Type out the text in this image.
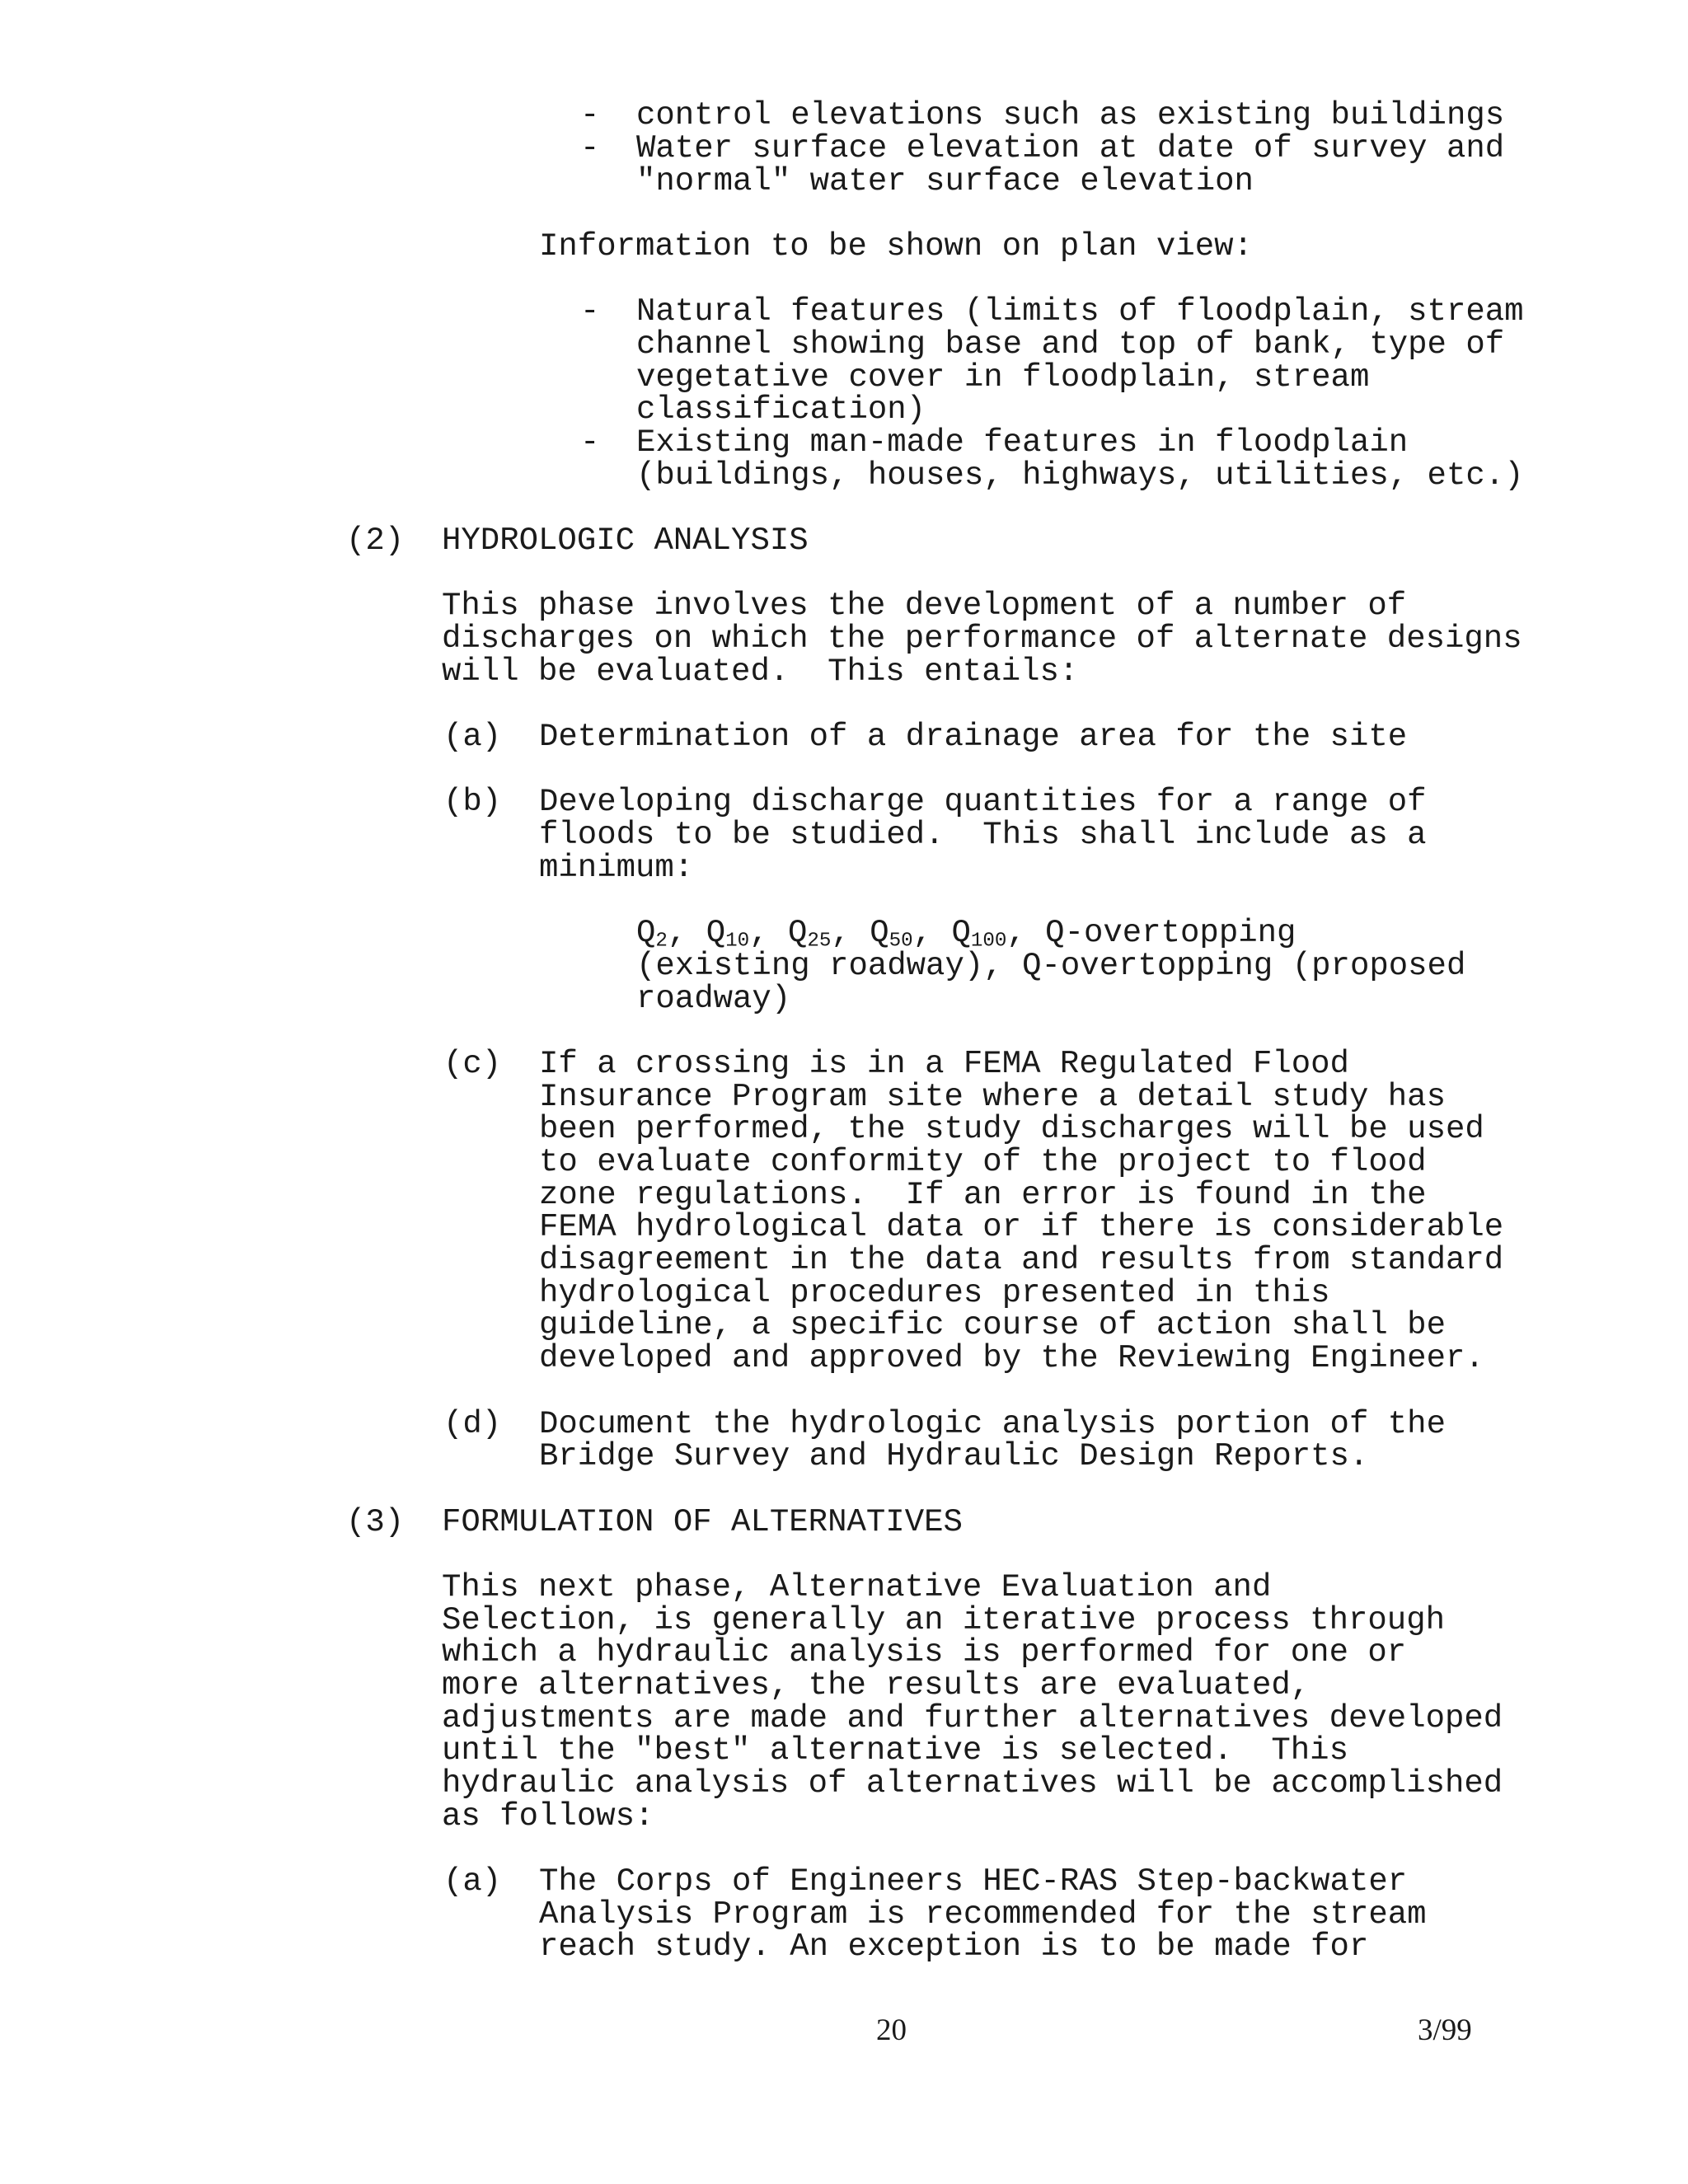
- control elevations such as existing buildings
- Water surface elevation at date of survey and
"normal" water surface elevation
Information to be shown on plan view:
- Natural features (limits of floodplain, stream
channel showing base and top of bank, type of
vegetative cover in floodplain, stream
classification)
- Existing man-made features in floodplain
(buildings, houses, highways, utilities, etc.)
(2) HYDROLOGIC ANALYSIS
This phase involves the development of a number of
discharges on which the performance of alternate designs
will be evaluated.  This entails:
(a) Determination of a drainage area for the site
(b) Developing discharge quantities for a range of
floods to be studied.  This shall include as a
minimum:
$Q_2$, $Q_{10}$, $Q_{25}$, $Q_{50}$, $Q_{100}$, Q-overtopping
(existing roadway), Q-overtopping (proposed
roadway)
(c) If a crossing is in a FEMA Regulated Flood
Insurance Program site where a detail study has
been performed, the study discharges will be used
to evaluate conformity of the project to flood
zone regulations.  If an error is found in the
FEMA hydrological data or if there is considerable
disagreement in the data and results from standard
hydrological procedures presented in this
guideline, a specific course of action shall be
developed and approved by the Reviewing Engineer.
(d) Document the hydrologic analysis portion of the
Bridge Survey and Hydraulic Design Reports.
(3) FORMULATION OF ALTERNATIVES
This next phase, Alternative Evaluation and
Selection, is generally an iterative process through
which a hydraulic analysis is performed for one or
more alternatives, the results are evaluated,
adjustments are made and further alternatives developed
until the "best" alternative is selected.  This
hydraulic analysis of alternatives will be accomplished
as follows:
(a) The Corps of Engineers HEC-RAS Step-backwater
Analysis Program is recommended for the stream
reach study. An exception is to be made for
20	3/99
